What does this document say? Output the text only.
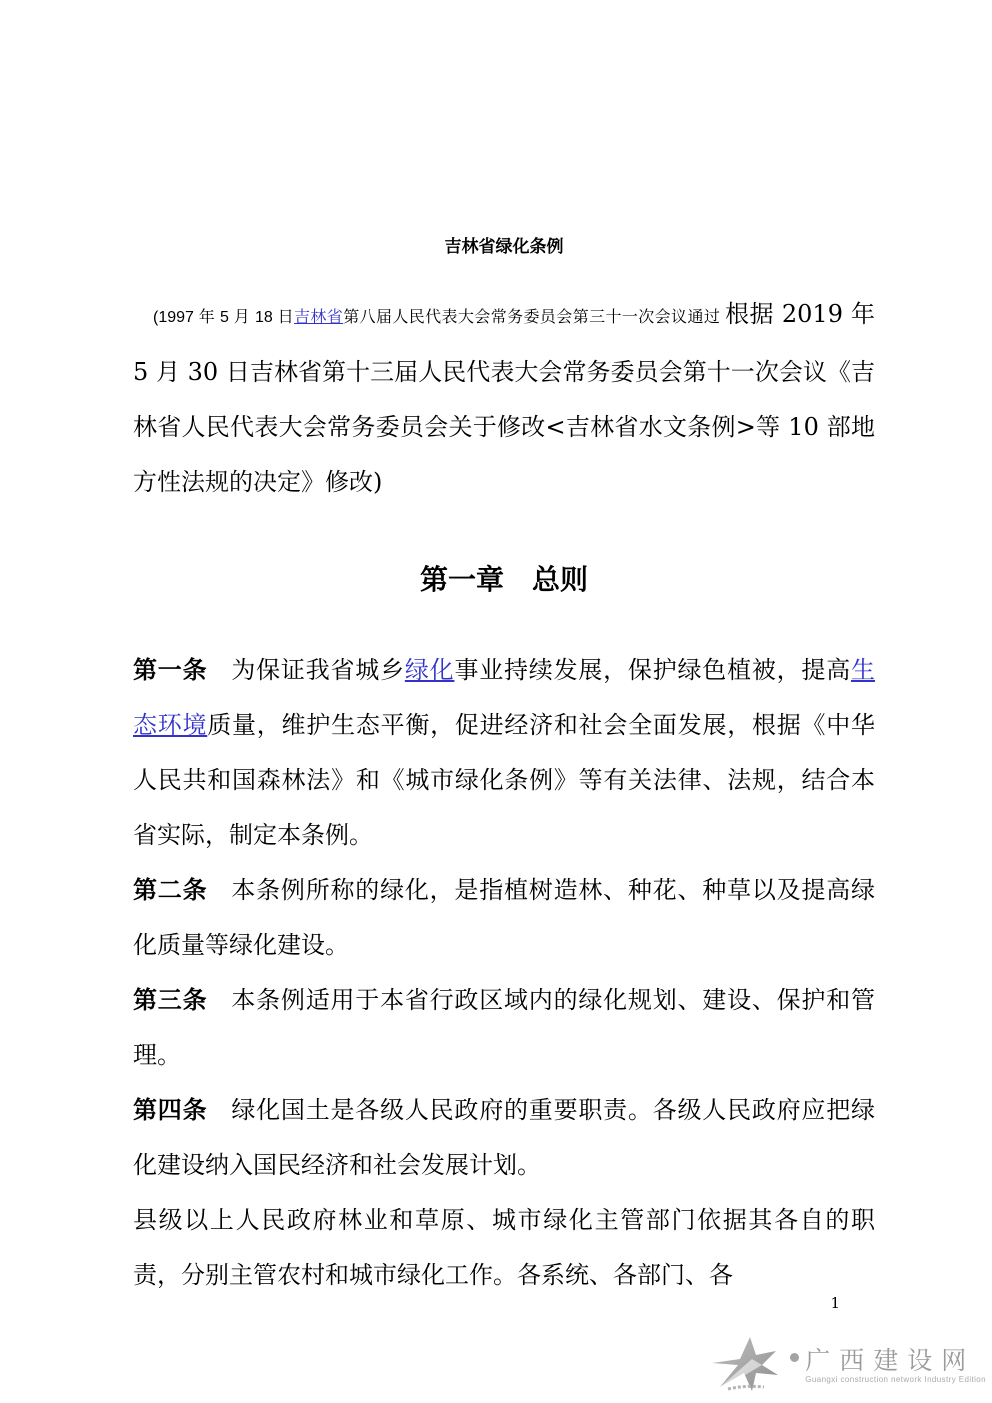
吉林省绿化条例

(1997 年 5 月 18 日吉林省第八届人民代表大会常务委员会第三十一次会议通过 根据 2019 年 5 月 30 日吉林省第十三届人民代表大会常务委员会第十一次会议《吉林省人民代表大会常务委员会关于修改<吉林省水文条例>等 10 部地方性法规的决定》修改)

第一章　总则

第一条 为保证我省城乡绿化事业持续发展，保护绿色植被，提高生态环境质量，维护生态平衡，促进经济和社会全面发展，根据《中华人民共和国森林法》和《城市绿化条例》等有关法律、法规，结合本省实际，制定本条例。

第二条 本条例所称的绿化，是指植树造林、种花、种草以及提高绿化质量等绿化建设。

第三条 本条例适用于本省行政区域内的绿化规划、建设、保护和管理。

第四条 绿化国土是各级人民政府的重要职责。各级人民政府应把绿化建设纳入国民经济和社会发展计划。

县级以上人民政府林业和草原、城市绿化主管部门依据其各自的职责，分别主管农村和城市绿化工作。各系统、各部门、各

1
广西建设网
Guangxi construction network Industry Edition
